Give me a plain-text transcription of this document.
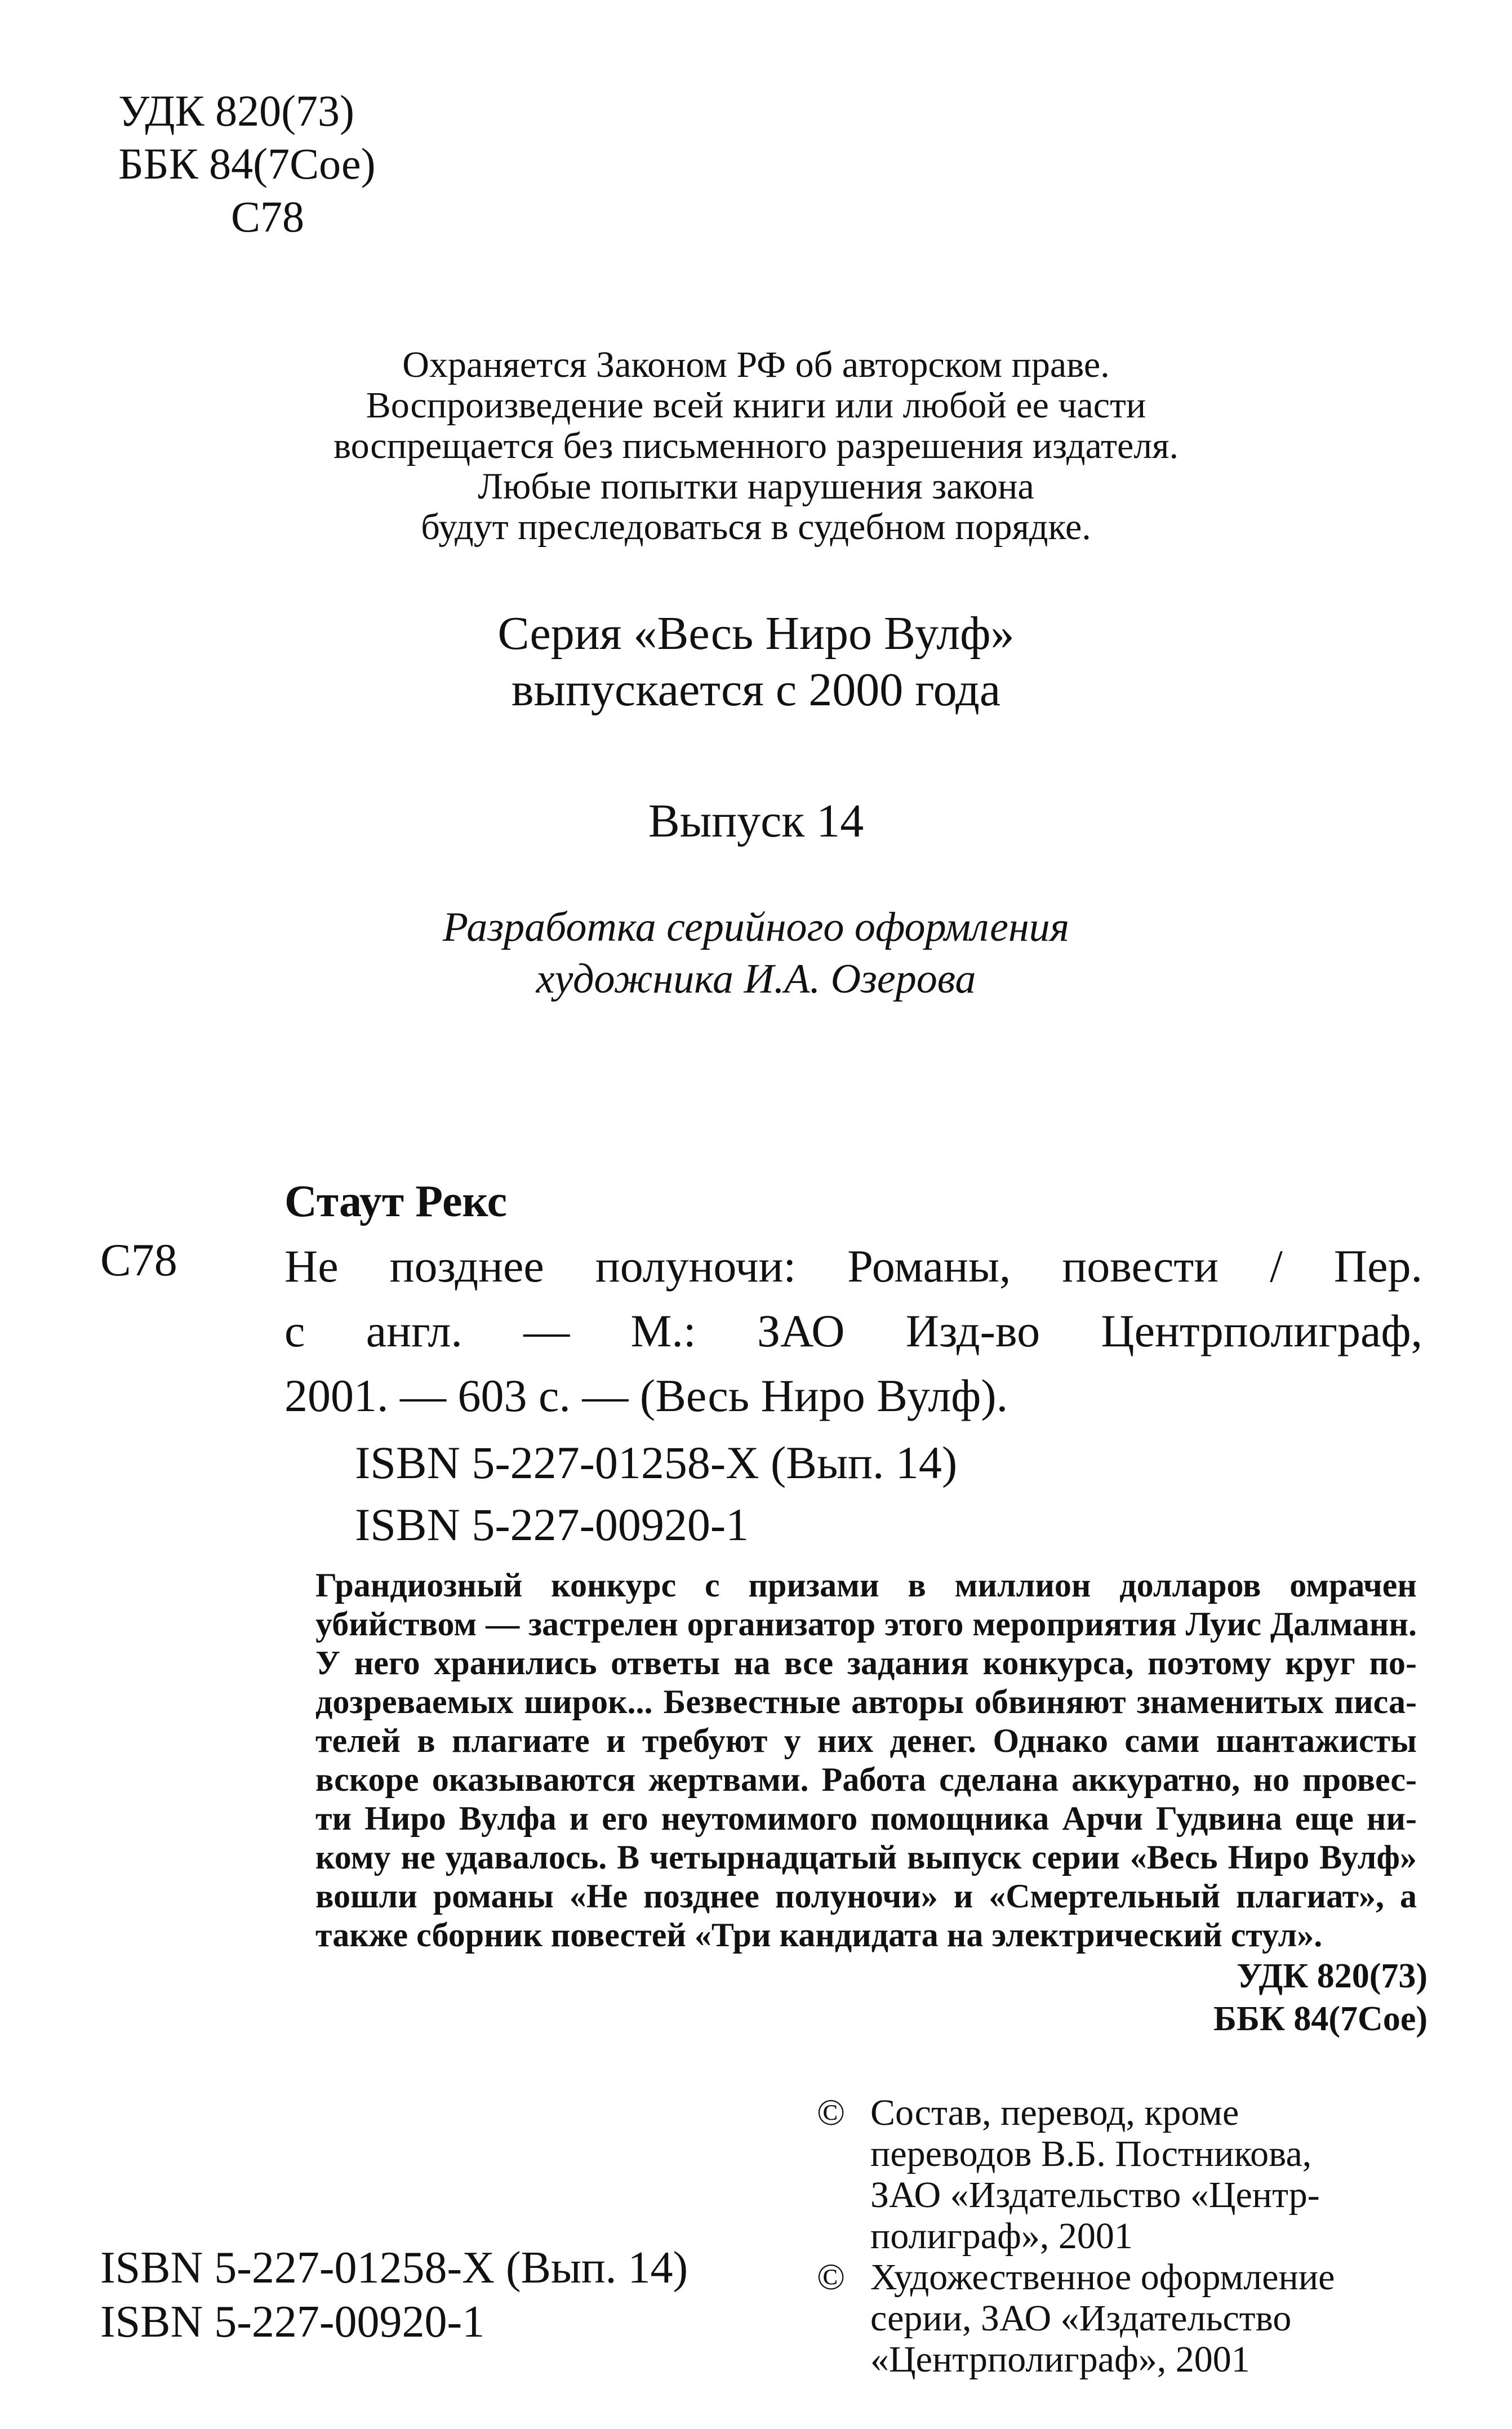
УДК 820(73)
ББК 84(7Сое)
С78
Охраняется Законом РФ об авторском праве.
Воспроизведение всей книги или любой ее части
воспрещается без письменного разрешения издателя.
Любые попытки нарушения закона
будут преследоваться в судебном порядке.
Серия «Весь Ниро Вулф»
выпускается с 2000 года
Выпуск 14
Разработка серийного оформления
художника И.А. Озерова
Стаут Рекс
С78 Не позднее полуночи: Романы, повести / Пер.
с англ. — М.: ЗАО Изд-во Центрполиграф,
2001. — 603 с. — (Весь Ниро Вулф).
ISBN 5-227-01258-X (Вып. 14)
ISBN 5-227-00920-1
Грандиозный конкурс с призами в миллион долларов омрачен
убийством — застрелен организатор этого мероприятия Луис Далманн.
У него хранились ответы на все задания конкурса, поэтому круг по-
дозреваемых широк... Безвестные авторы обвиняют знаменитых писа-
телей в плагиате и требуют у них денег. Однако сами шантажисты
вскоре оказываются жертвами. Работа сделана аккуратно, но провес-
ти Ниро Вулфа и его неутомимого помощника Арчи Гудвина еще ни-
кому не удавалось. В четырнадцатый выпуск серии «Весь Ниро Вулф»
вошли романы «Не позднее полуночи» и «Смертельный плагиат», а
также сборник повестей «Три кандидата на электрический стул».
УДК 820(73)
ББК 84(7Сое)
ISBN 5-227-01258-X (Вып. 14)
ISBN 5-227-00920-1
© Состав, перевод, кроме
переводов В.Б. Постникова,
ЗАО «Издательство «Центр-
полиграф», 2001
© Художественное оформление
серии, ЗАО «Издательство
«Центрполиграф», 2001
